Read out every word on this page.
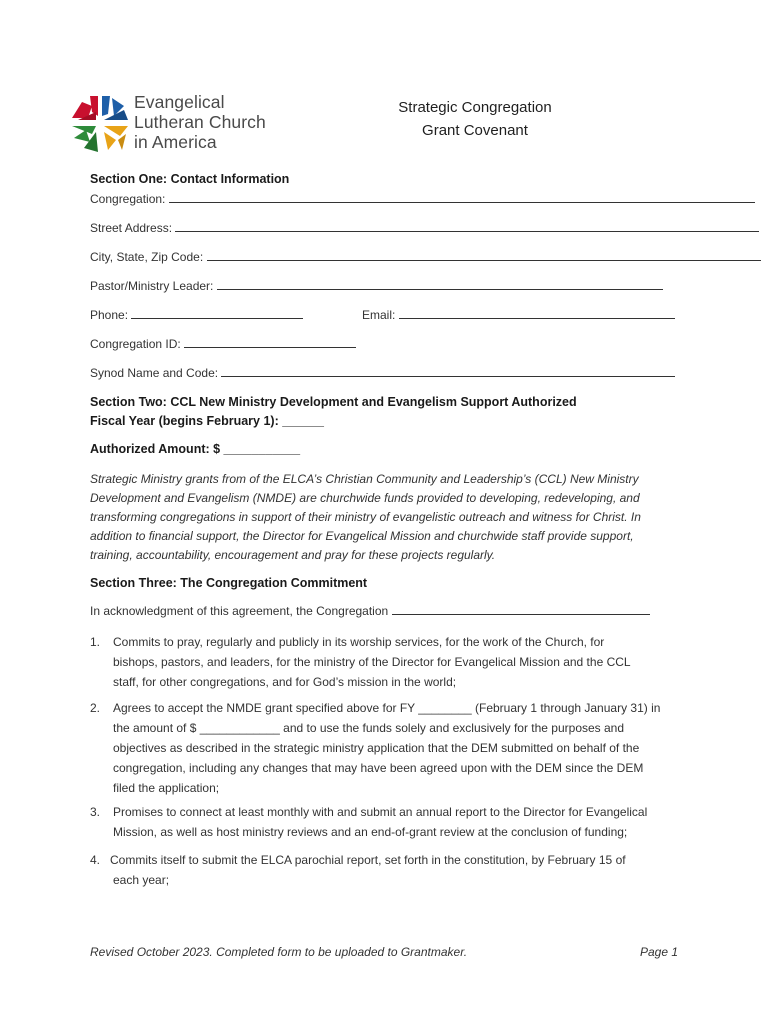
Evangelical
Lutheran Church
in America
Strategic Congregation
Grant Covenant
Section One: Contact Information
Congregation:
Street Address:
City, State, Zip Code:
Pastor/Ministry Leader:
Phone:	Email:
Congregation ID:
Synod Name and Code:
Section Two: CCL New Ministry Development and Evangelism Support Authorized
Fiscal Year (begins February 1): ______
Authorized Amount: $ ___________
Strategic Ministry grants from of the ELCA’s Christian Community and Leadership’s (CCL) New Ministry
Development and Evangelism (NMDE) are churchwide funds provided to developing, redeveloping, and
transforming congregations in support of their ministry of evangelistic outreach and witness for Christ. In
addition to financial support, the Director for Evangelical Mission and churchwide staff provide support,
training, accountability, encouragement and pray for these projects regularly.
Section Three: The Congregation Commitment
In acknowledgment of this agreement, the Congregation
1. Commits to pray, regularly and publicly in its worship services, for the work of the Church, for
bishops, pastors, and leaders, for the ministry of the Director for Evangelical Mission and the CCL
staff, for other congregations, and for God’s mission in the world;
2. Agrees to accept the NMDE grant specified above for FY ________ (February 1 through January 31) in
the amount of $ ____________ and to use the funds solely and exclusively for the purposes and
objectives as described in the strategic ministry application that the DEM submitted on behalf of the
congregation, including any changes that may have been agreed upon with the DEM since the DEM
filed the application;
3. Promises to connect at least monthly with and submit an annual report to the Director for Evangelical
Mission, as well as host ministry reviews and an end-of-grant review at the conclusion of funding;
4. Commits itself to submit the ELCA parochial report, set forth in the constitution, by February 15 of
each year;
Revised October 2023. Completed form to be uploaded to Grantmaker.	Page 1
